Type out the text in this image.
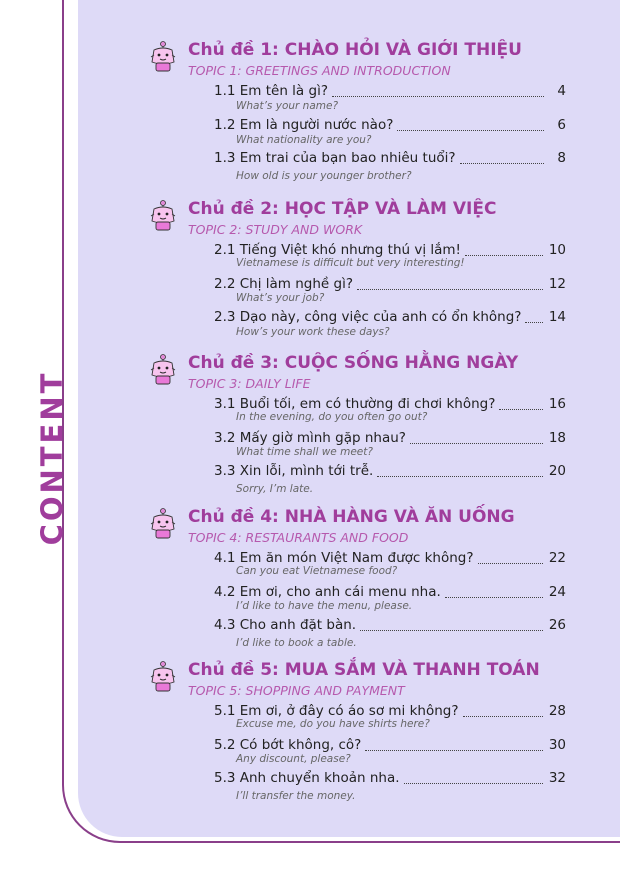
CONTENT
Chủ đề 1: CHÀO HỎI VÀ GIỚI THIỆU
TOPIC 1: GREETINGS AND INTRODUCTION
1.1 Em tên là gì?	4
What’s your name?
1.2 Em là người nước nào?	6
What nationality are you?
1.3 Em trai của bạn bao nhiêu tuổi?	8
How old is your younger brother?
Chủ đề 2: HỌC TẬP VÀ LÀM VIỆC
TOPIC 2: STUDY AND WORK
2.1 Tiếng Việt khó nhưng thú vị lắm!	10
Vietnamese is difficult but very interesting!
2.2 Chị làm nghề gì?	12
What’s your job?
2.3 Dạo này, công việc của anh có ổn không? 14
How’s your work these days?
Chủ đề 3: CUỘC SỐNG HẰNG NGÀY
TOPIC 3: DAILY LIFE
3.1 Buổi tối, em có thường đi chơi không?	16
In the evening, do you often go out?
3.2 Mấy giờ mình gặp nhau?	18
What time shall we meet?
3.3 Xin lỗi, mình tới trễ.	20
Sorry, I’m late.
Chủ đề 4: NHÀ HÀNG VÀ ĂN UỐNG
TOPIC 4: RESTAURANTS AND FOOD
4.1 Em ăn món Việt Nam được không?	22
Can you eat Vietnamese food?
4.2 Em ơi, cho anh cái menu nha.	24
I’d like to have the menu, please.
4.3 Cho anh đặt bàn.	26
I’d like to book a table.
Chủ đề 5: MUA SẮM VÀ THANH TOÁN
TOPIC 5: SHOPPING AND PAYMENT
5.1 Em ơi, ở đây có áo sơ mi không?	28
Excuse me, do you have shirts here?
5.2 Có bớt không, cô?	30
Any discount, please?
5.3 Anh chuyển khoản nha.	32
I’ll transfer the money.
